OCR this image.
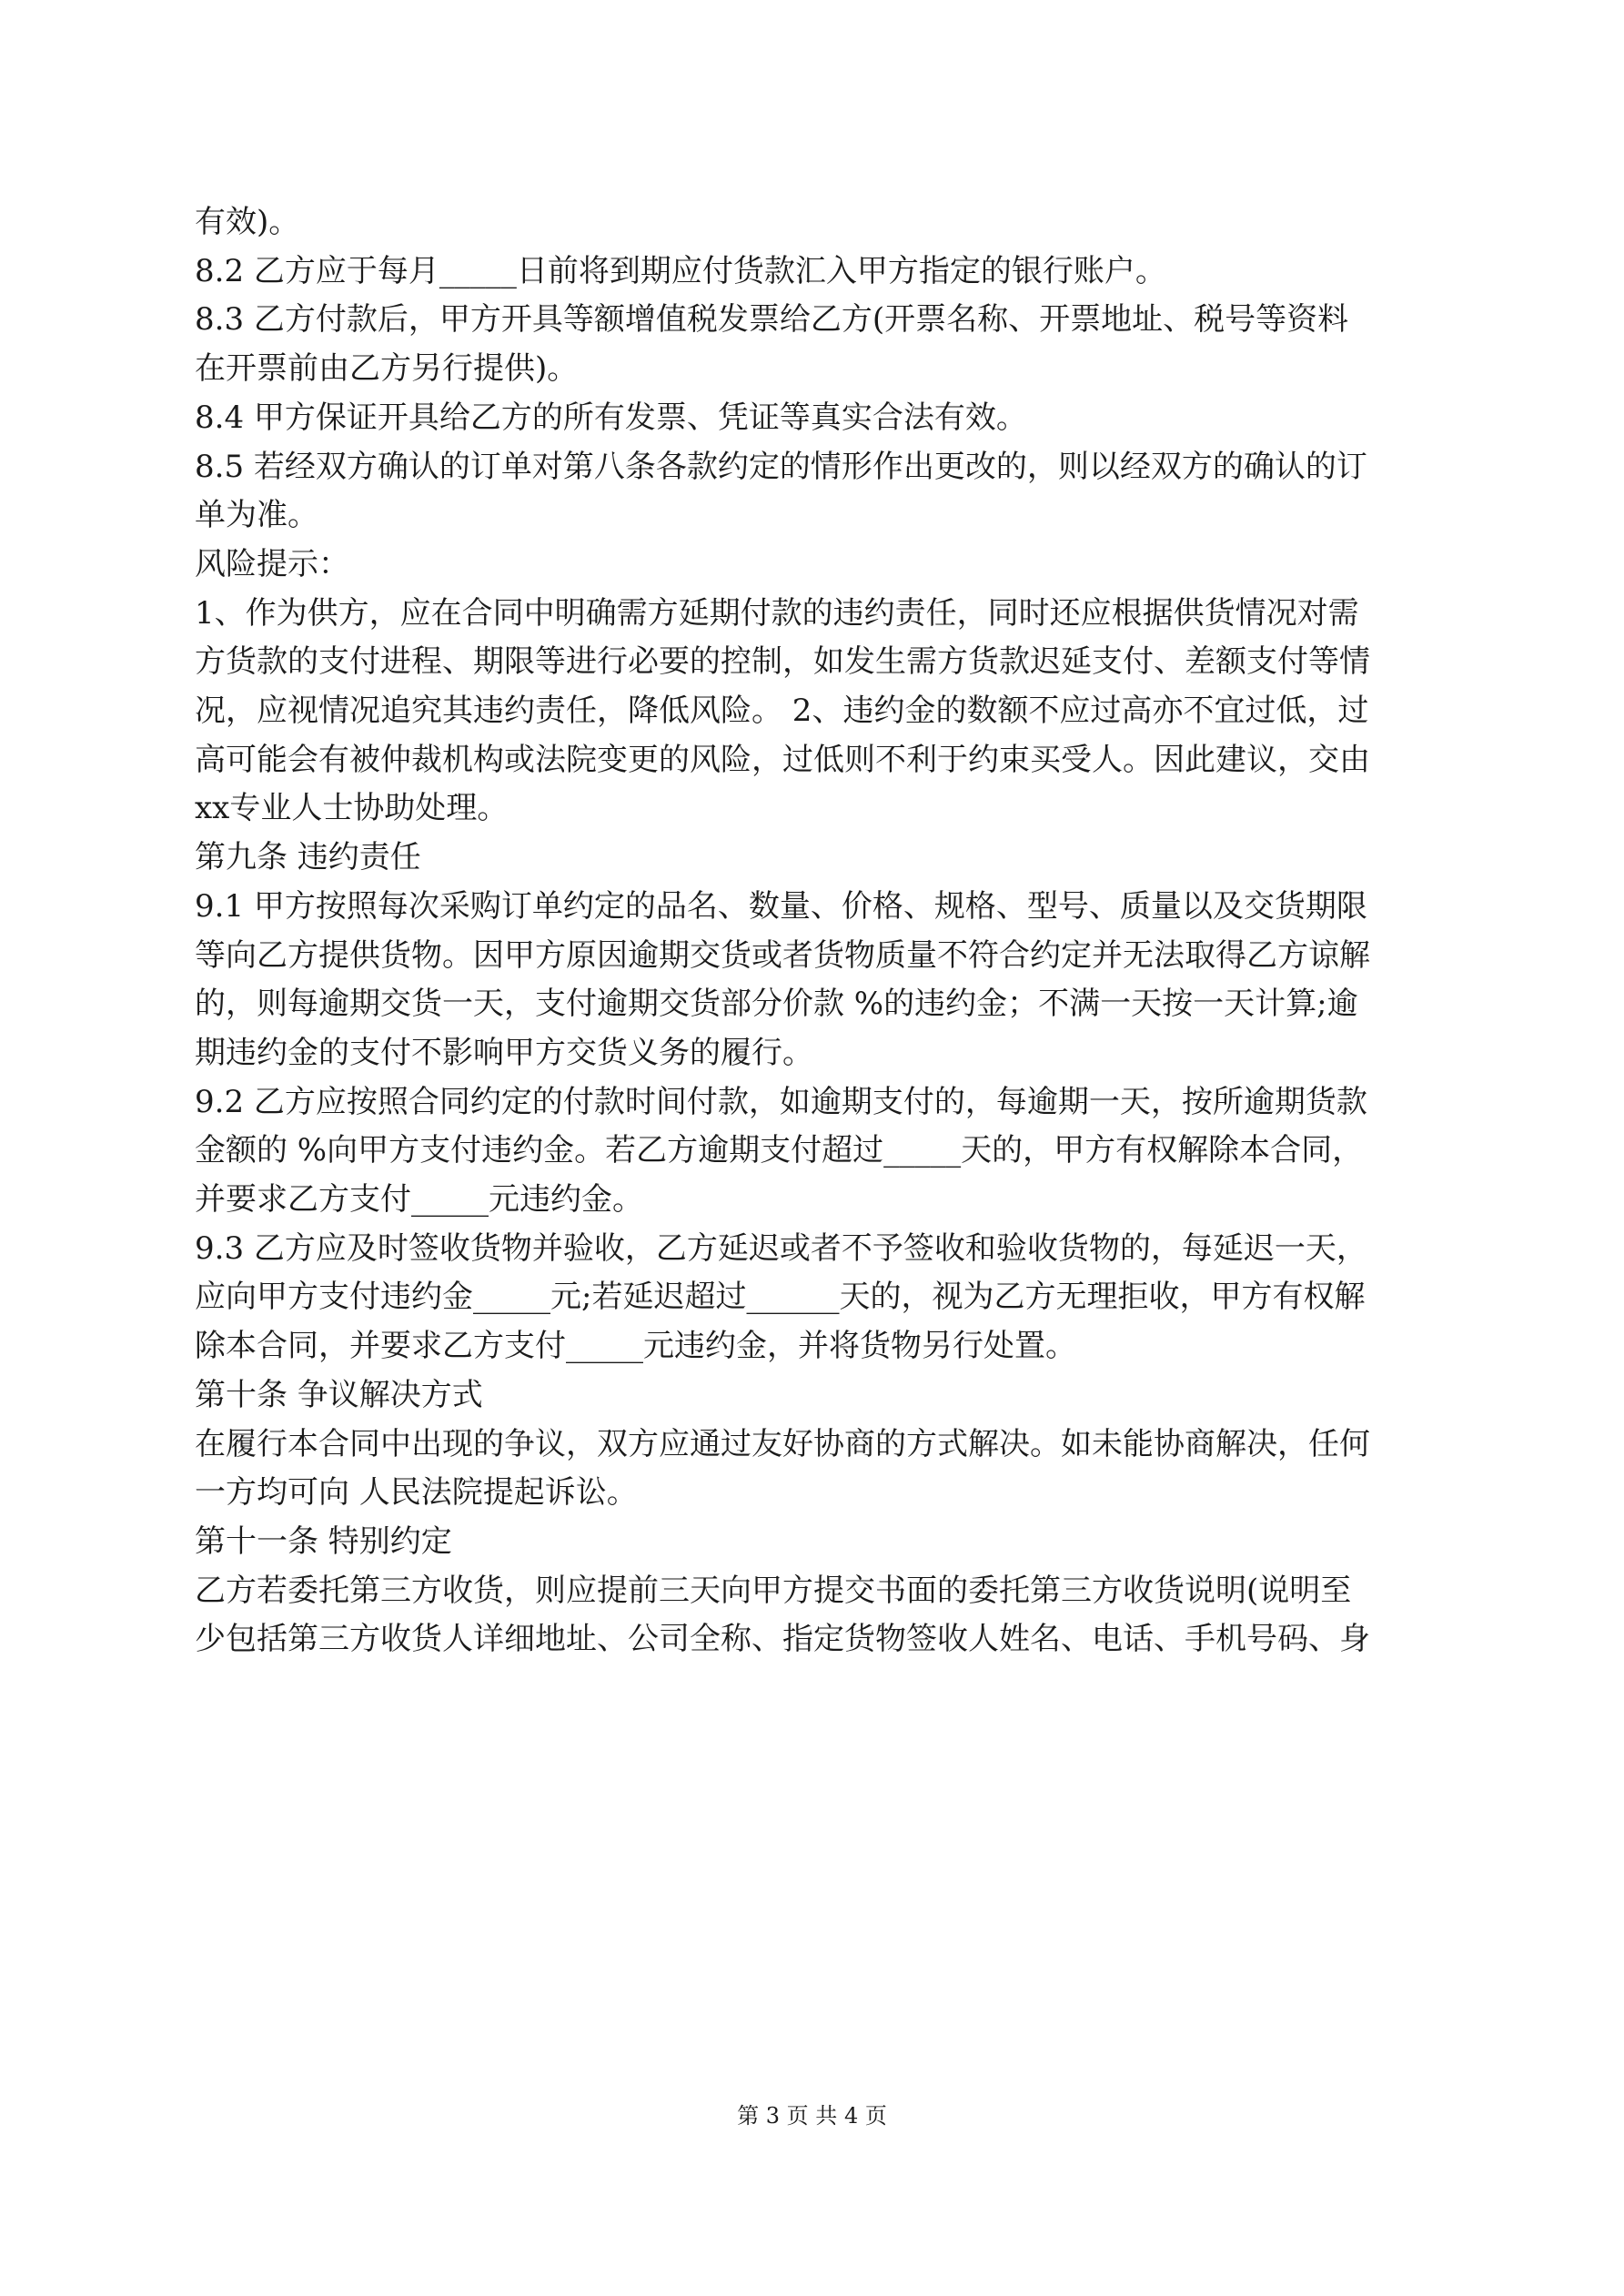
有效)。
8.2 乙方应于每月_____日前将到期应付货款汇入甲方指定的银行账户。
8.3 乙方付款后，甲方开具等额增值税发票给乙方(开票名称、开票地址、税号等资料
在开票前由乙方另行提供)。
8.4 甲方保证开具给乙方的所有发票、凭证等真实合法有效。
8.5 若经双方确认的订单对第八条各款约定的情形作出更改的，则以经双方的确认的订
单为准。
风险提示：
1、作为供方，应在合同中明确需方延期付款的违约责任，同时还应根据供货情况对需
方货款的支付进程、期限等进行必要的控制，如发生需方货款迟延支付、差额支付等情
况，应视情况追究其违约责任，降低风险。 2、违约金的数额不应过高亦不宜过低，过
高可能会有被仲裁机构或法院变更的风险，过低则不利于约束买受人。因此建议，交由
xx专业人士协助处理。
第九条 违约责任
9.1 甲方按照每次采购订单约定的品名、数量、价格、规格、型号、质量以及交货期限
等向乙方提供货物。因甲方原因逾期交货或者货物质量不符合约定并无法取得乙方谅解
的，则每逾期交货一天，支付逾期交货部分价款 %的违约金；不满一天按一天计算;逾
期违约金的支付不影响甲方交货义务的履行。
9.2 乙方应按照合同约定的付款时间付款，如逾期支付的，每逾期一天，按所逾期货款
金额的 %向甲方支付违约金。若乙方逾期支付超过_____天的，甲方有权解除本合同，
并要求乙方支付_____元违约金。
9.3 乙方应及时签收货物并验收，乙方延迟或者不予签收和验收货物的，每延迟一天，
应向甲方支付违约金_____元;若延迟超过______天的，视为乙方无理拒收，甲方有权解
除本合同，并要求乙方支付_____元违约金，并将货物另行处置。
第十条 争议解决方式
在履行本合同中出现的争议，双方应通过友好协商的方式解决。如未能协商解决，任何
一方均可向 人民法院提起诉讼。
第十一条 特别约定
乙方若委托第三方收货，则应提前三天向甲方提交书面的委托第三方收货说明(说明至
少包括第三方收货人详细地址、公司全称、指定货物签收人姓名、电话、手机号码、身
第 3 页 共 4 页
